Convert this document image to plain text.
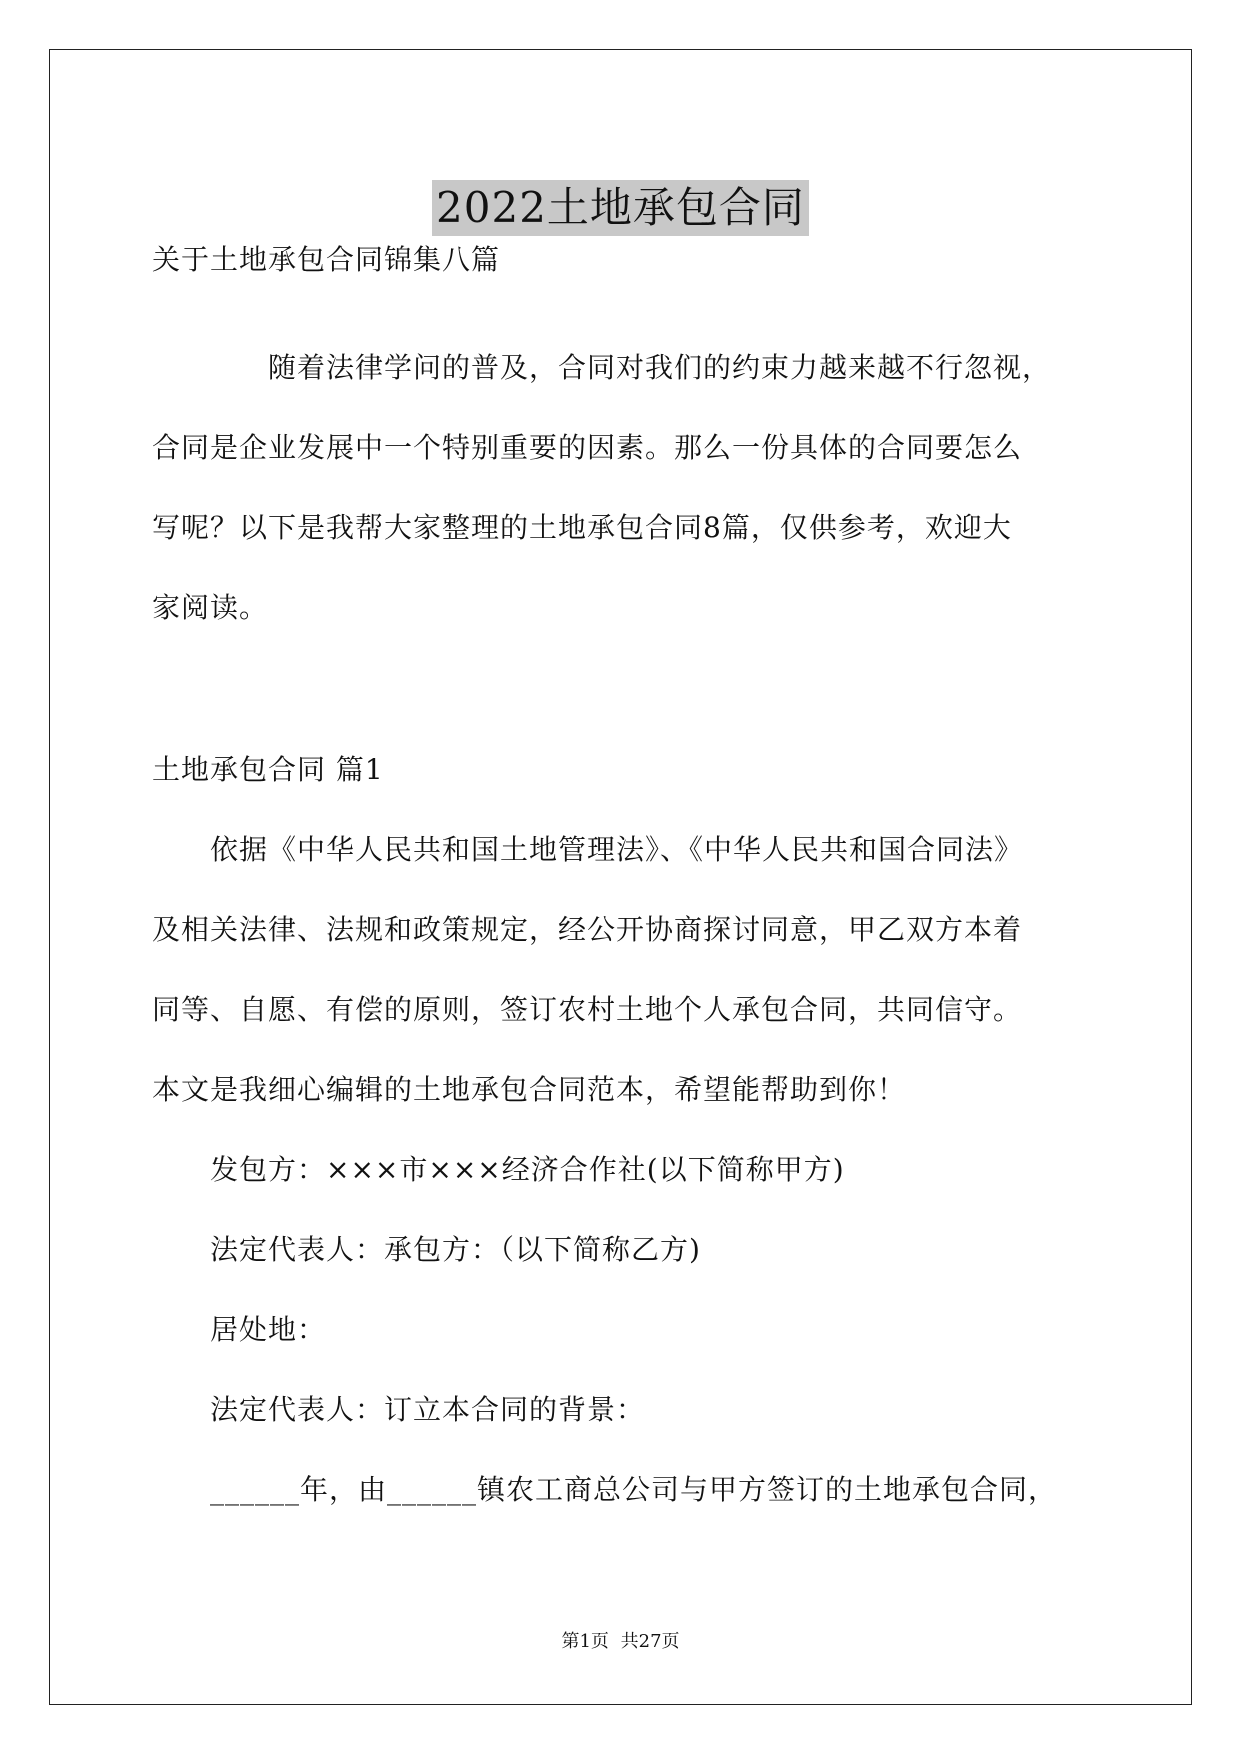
2022土地承包合同
关于土地承包合同锦集八篇
　　　　随着法律学问的普及，合同对我们的约束力越来越不行忽视，
合同是企业发展中一个特别重要的因素。那么一份具体的合同要怎么
写呢？以下是我帮大家整理的土地承包合同8篇，仅供参考，欢迎大
家阅读。
土地承包合同 篇1
　　依据《中华人民共和国土地管理法》、《中华人民共和国合同法》
及相关法律、法规和政策规定，经公开协商探讨同意，甲乙双方本着
同等、自愿、有偿的原则，签订农村土地个人承包合同，共同信守。
本文是我细心编辑的土地承包合同范本，希望能帮助到你！
　　发包方：×××市×××经济合作社(以下简称甲方)
　　法定代表人：承包方：（以下简称乙方)
　　居处地：
　　法定代表人：订立本合同的背景：
　　______年，由______镇农工商总公司与甲方签订的土地承包合同，
第1页 共27页
